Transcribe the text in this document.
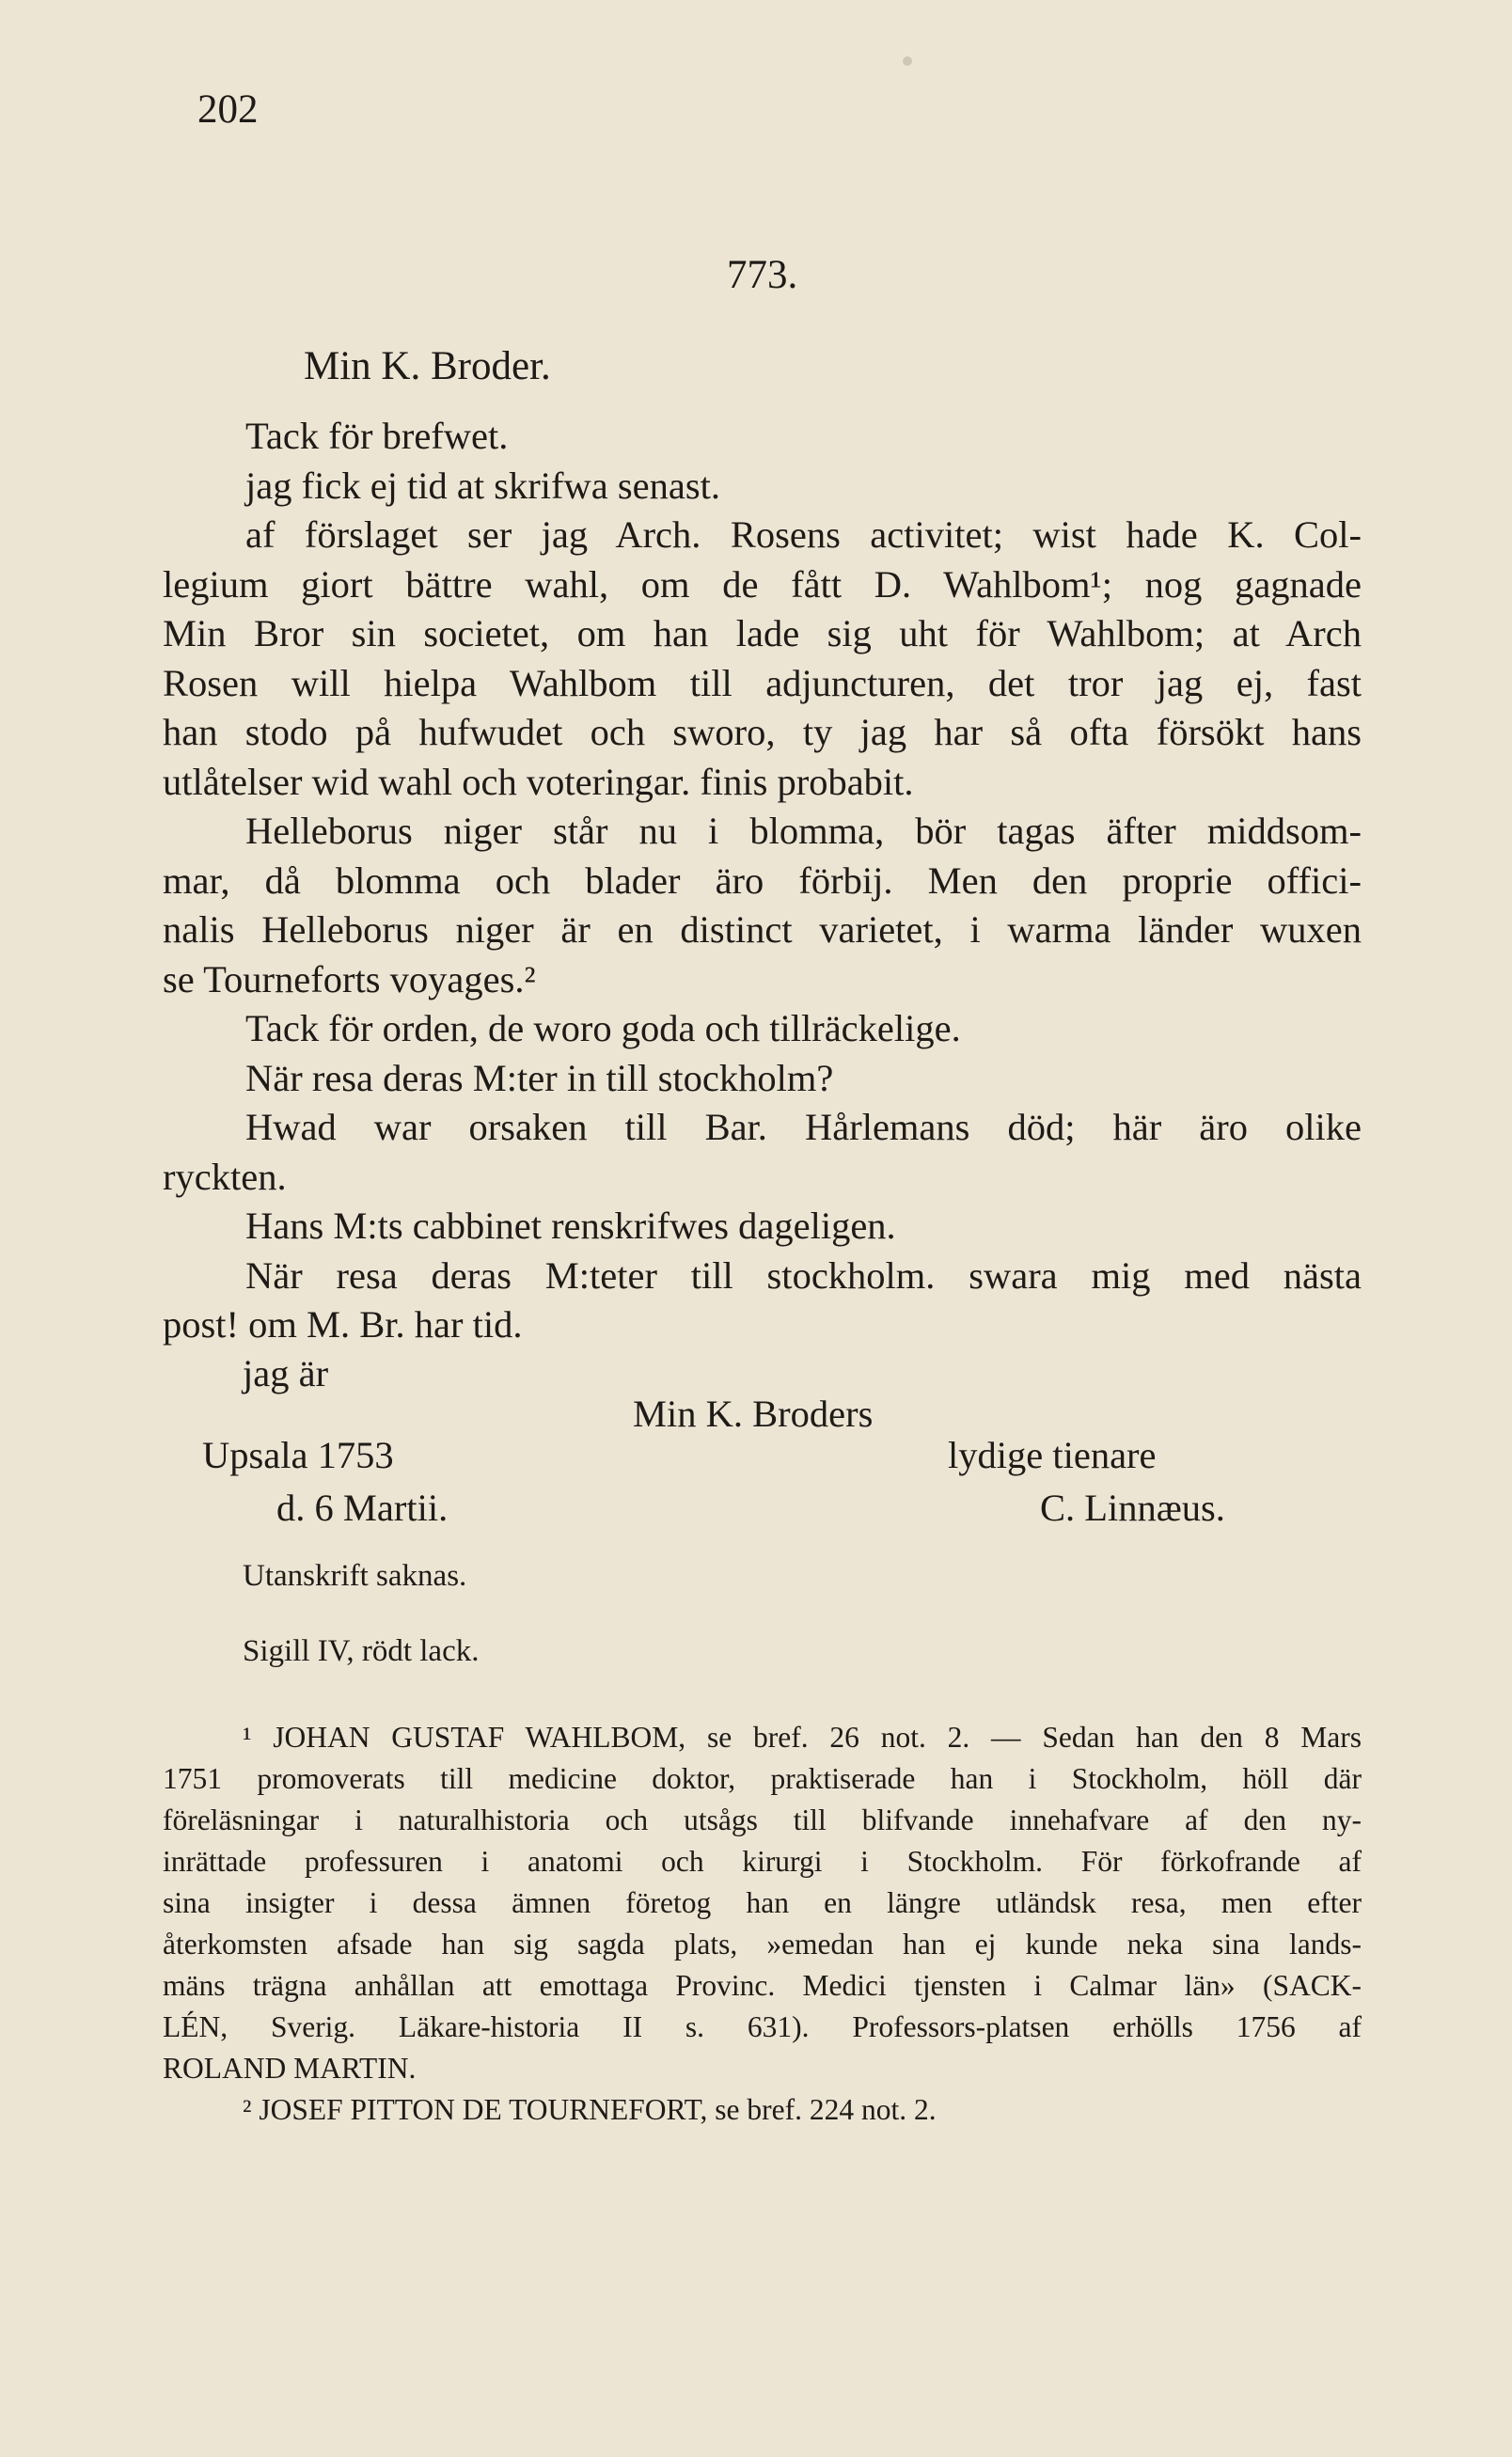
202
773.
Min K. Broder.
Tack för brefwet.
jag fick ej tid at skrifwa senast.
af förslaget ser jag Arch. Rosens activitet; wist hade K. Col-
legium giort bättre wahl, om de fått D. Wahlbom¹; nog gagnade
Min Bror sin societet, om han lade sig uht för Wahlbom; at Arch
Rosen will hielpa Wahlbom till adjuncturen, det tror jag ej, fast
han stodo på hufwudet och sworo, ty jag har så ofta försökt hans
utlåtelser wid wahl och voteringar. finis probabit.
Helleborus niger står nu i blomma, bör tagas äfter middsom-
mar, då blomma och blader äro förbij. Men den proprie offici-
nalis Helleborus niger är en distinct varietet, i warma länder wuxen
se Tourneforts voyages.²
Tack för orden, de woro goda och tillräckelige.
När resa deras M:ter in till stockholm?
Hwad war orsaken till Bar. Hårlemans död; här äro olike
ryckten.
Hans M:ts cabbinet renskrifwes dageligen.
När resa deras M:teter till stockholm. swara mig med nästa
post! om M. Br. har tid.
jag är
Min K. Broders
Upsala 1753	lydige tienare
d. 6 Martii.	C. Linnæus.
Utanskrift saknas.
Sigill IV, rödt lack.
¹ JOHAN GUSTAF WAHLBOM, se bref. 26 not. 2. — Sedan han den 8 Mars
1751 promoverats till medicine doktor, praktiserade han i Stockholm, höll där
föreläsningar i naturalhistoria och utsågs till blifvande innehafvare af den ny-
inrättade professuren i anatomi och kirurgi i Stockholm. För förkofrande af
sina insigter i dessa ämnen företog han en längre utländsk resa, men efter
återkomsten afsade han sig sagda plats, »emedan han ej kunde neka sina lands-
mäns trägna anhållan att emottaga Provinc. Medici tjensten i Calmar län» (SACK-
LÉN, Sverig. Läkare-historia II s. 631). Professors-platsen erhölls 1756 af
ROLAND MARTIN.
² JOSEF PITTON DE TOURNEFORT, se bref. 224 not. 2.
